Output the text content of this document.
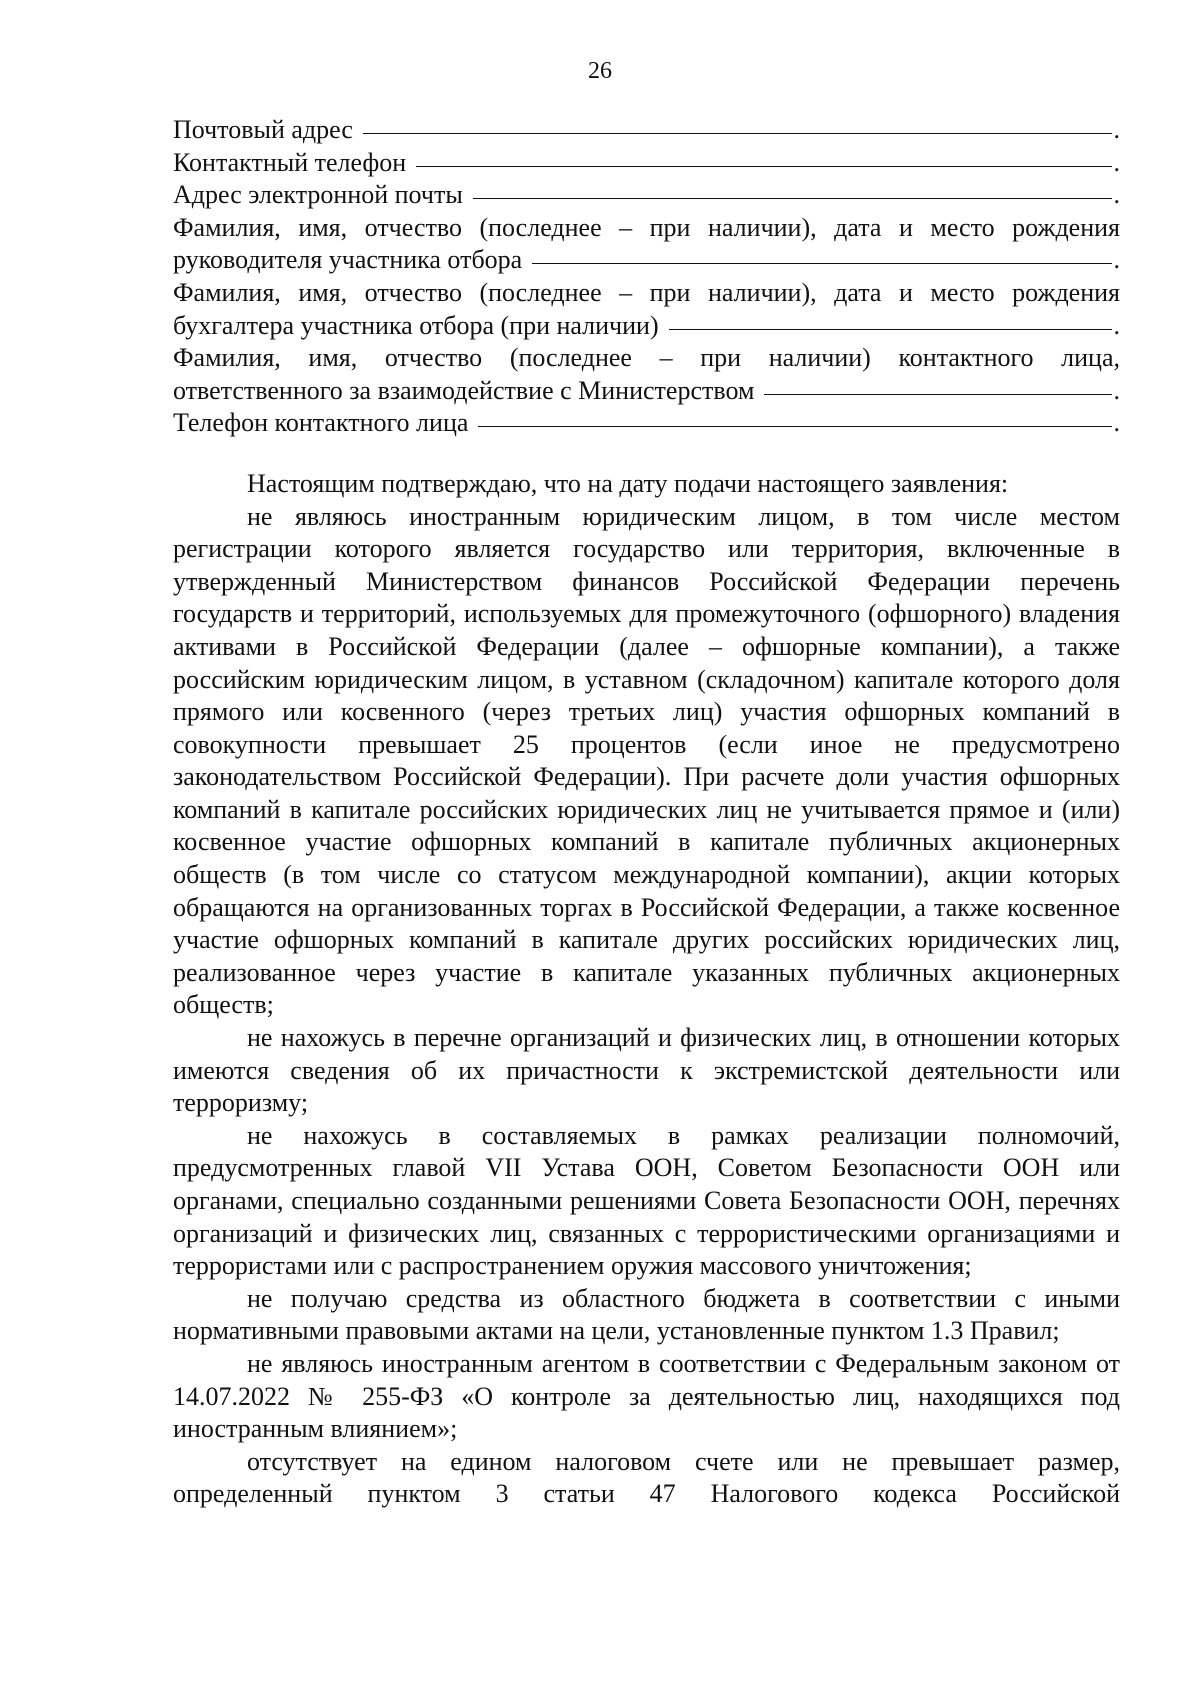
26
Почтовый адрес	.
Контактный телефон	.
Адрес электронной почты	.
Фамилия, имя, отчество (последнее – при наличии), дата и место рождения
руководителя участника отбора	.
Фамилия, имя, отчество (последнее – при наличии), дата и место рождения
бухгалтера участника отбора (при наличии)	.
Фамилия, имя, отчество (последнее – при наличии) контактного лица,
ответственного за взаимодействие с Министерством	.
Телефон контактного лица	.

Настоящим подтверждаю, что на дату подачи настоящего заявления:

не являюсь иностранным юридическим лицом, в том числе местом регистрации которого является государство или территория, включенные в утвержденный Министерством финансов Российской Федерации перечень государств и территорий, используемых для промежуточного (офшорного) владения активами в Российской Федерации (далее – офшорные компании), а также российским юридическим лицом, в уставном (складочном) капитале которого доля прямого или косвенного (через третьих лиц) участия офшорных компаний в совокупности превышает 25 процентов (если иное не предусмотрено законодательством Российской Федерации). При расчете доли участия офшорных компаний в капитале российских юридических лиц не учитывается прямое и (или) косвенное участие офшорных компаний в капитале публичных акционерных обществ (в том числе со статусом международной компании), акции которых обращаются на организованных торгах в Российской Федерации, а также косвенное участие офшорных компаний в капитале других российских юридических лиц, реализованное через участие в капитале указанных публичных акционерных обществ;

не нахожусь в перечне организаций и физических лиц, в отношении которых имеются сведения об их причастности к экстремистской деятельности или терроризму;

не нахожусь в составляемых в рамках реализации полномочий, предусмотренных главой VII Устава ООН, Советом Безопасности ООН или органами, специально созданными решениями Совета Безопасности ООН, перечнях организаций и физических лиц, связанных с террористическими организациями и террористами или с распространением оружия массового уничтожения;

не получаю средства из областного бюджета в соответствии с иными нормативными правовыми актами на цели, установленные пунктом 1.3 Правил;

не являюсь иностранным агентом в соответствии с Федеральным законом от 14.07.2022 № 255-ФЗ «О контроле за деятельностью лиц, находящихся под иностранным влиянием»;

отсутствует на едином налоговом счете или не превышает размер, определенный пунктом 3 статьи 47 Налогового кодекса Российской
